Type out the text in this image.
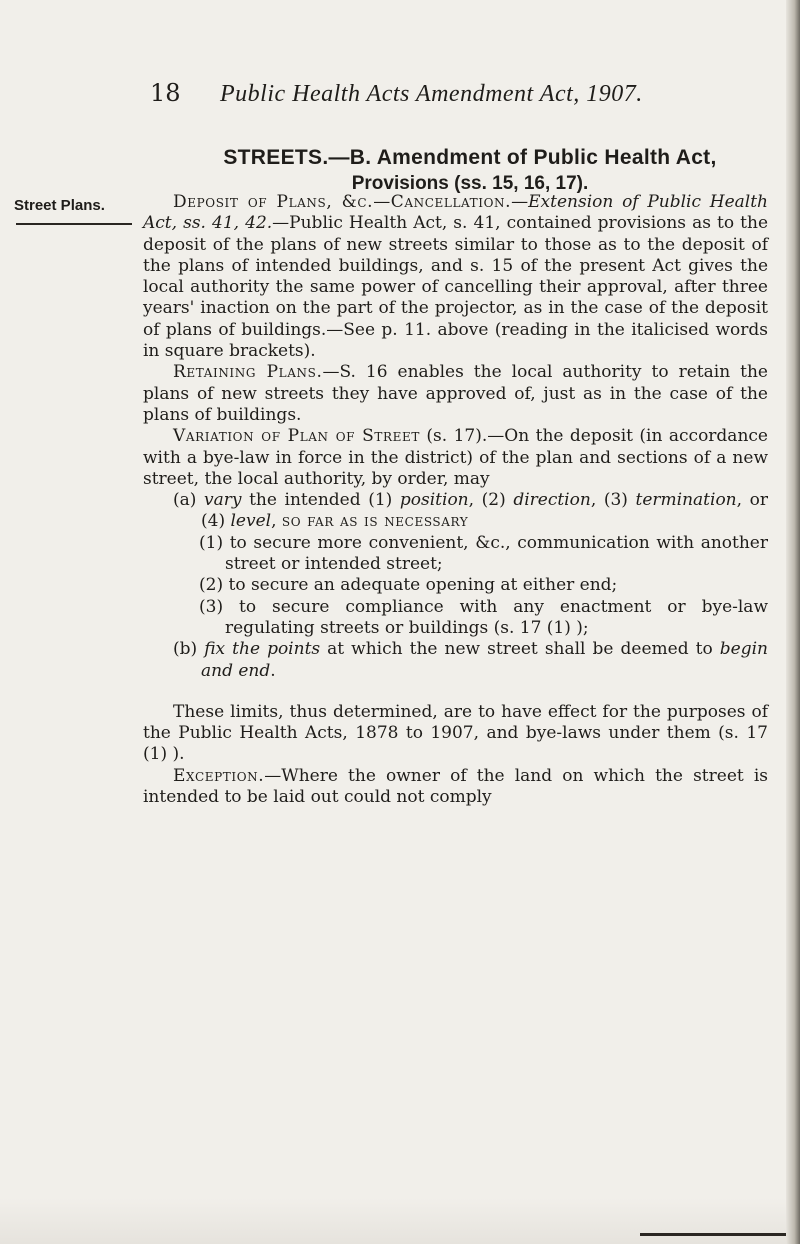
18 Public Health Acts Amendment Act, 1907.
STREETS.—B. Amendment of Public Health Act,
Provisions (ss. 15, 16, 17).
Street Plans.	Deposit of Plans, &c.—Cancellation.—Extension of Public Health Act, ss. 41, 42.—Public Health Act, s. 41, contained provisions as to the deposit of the plans of new streets similar to those as to the deposit of the plans of intended buildings, and s. 15 of the present Act gives the local authority the same power of cancelling their approval, after three years' inaction on the part of the projector, as in the case of the deposit of plans of buildings.—See p. 11. above (reading in the italicised words in square brackets).

Retaining Plans.—S. 16 enables the local authority to retain the plans of new streets they have approved of, just as in the case of the plans of buildings.

Variation of Plan of Street (s. 17).—On the deposit (in accordance with a bye-law in force in the district) of the plan and sections of a new street, the local authority, by order, may

(a) vary the intended (1) position, (2) direction, (3) termination, or (4) level, so far as is necessary

(1) to secure more convenient, &c., communication with another street or intended street;

(2) to secure an adequate opening at either end;

(3) to secure compliance with any enactment or bye-law regulating streets or buildings (s. 17 (1) );

(b) fix the points at which the new street shall be deemed to begin and end.

These limits, thus determined, are to have effect for the purposes of the Public Health Acts, 1878 to 1907, and bye-laws under them (s. 17 (1) ).

Exception.—Where the owner of the land on which the street is intended to be laid out could not comply
